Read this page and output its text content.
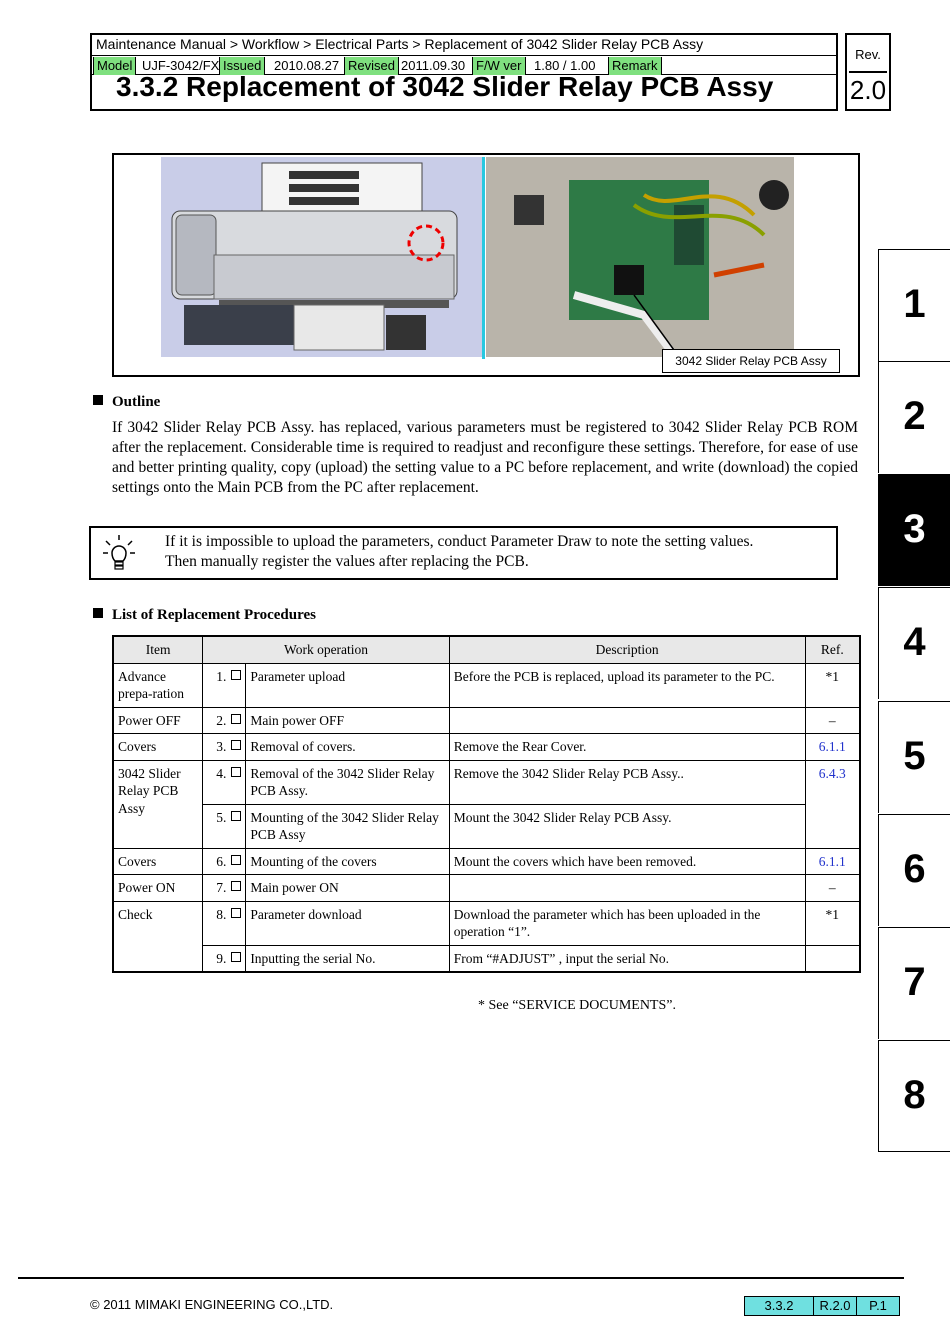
Maintenance Manual > Workflow > Electrical Parts > Replacement of 3042 Slider Relay PCB Assy
Model UJF-3042/FX Issued 2010.08.27 Revised 2011.09.30 F/W ver 1.80 / 1.00	Remark
3.3.2 Replacement of 3042 Slider Relay PCB Assy
Rev.
2.0
3042 Slider Relay PCB Assy
Outline
If 3042 Slider Relay PCB Assy. has replaced, various parameters must be registered to 3042 Slider Relay PCB ROM after the replacement. Considerable time is required to readjust and reconfigure these settings. Therefore, for ease of use and better printing quality, copy (upload) the setting value to a PC before replacement, and write (download) the copied settings onto the Main PCB from the PC after replacement.
If it is impossible to upload the parameters, conduct Parameter Draw to note the setting values.
Then manually register the values after replacing the PCB.
List of Replacement Procedures
Item	Work operation		Description	Ref.
Advance prepa-ration	1.	Parameter upload	Before the PCB is replaced, upload its parameter to the PC.	*1
Power OFF	2.	Main power OFF		–
Covers	3.	Removal of covers.	Remove the Rear Cover.	6.1.1
3042 Slider Relay PCB Assy	4.	Removal of the 3042 Slider Relay PCB Assy.	Remove the 3042 Slider Relay PCB Assy..	6.4.3
	5.	Mounting of the 3042 Slider Relay PCB Assy	Mount the 3042 Slider Relay PCB Assy.	
Covers	6.	Mounting of the covers	Mount the covers which have been removed.	6.1.1
Power ON	7.	Main power ON		–
Check	8.	Parameter download	Download the parameter which has been uploaded in the operation “1”.	*1
	9.	Inputting the serial No.	From “#ADJUST” , input the serial No.	
* See “SERVICE DOCUMENTS”.
1
2
3
4
5
6
7
8
© 2011 MIMAKI ENGINEERING CO.,LTD.	3.3.2	R.2.0	P.1
